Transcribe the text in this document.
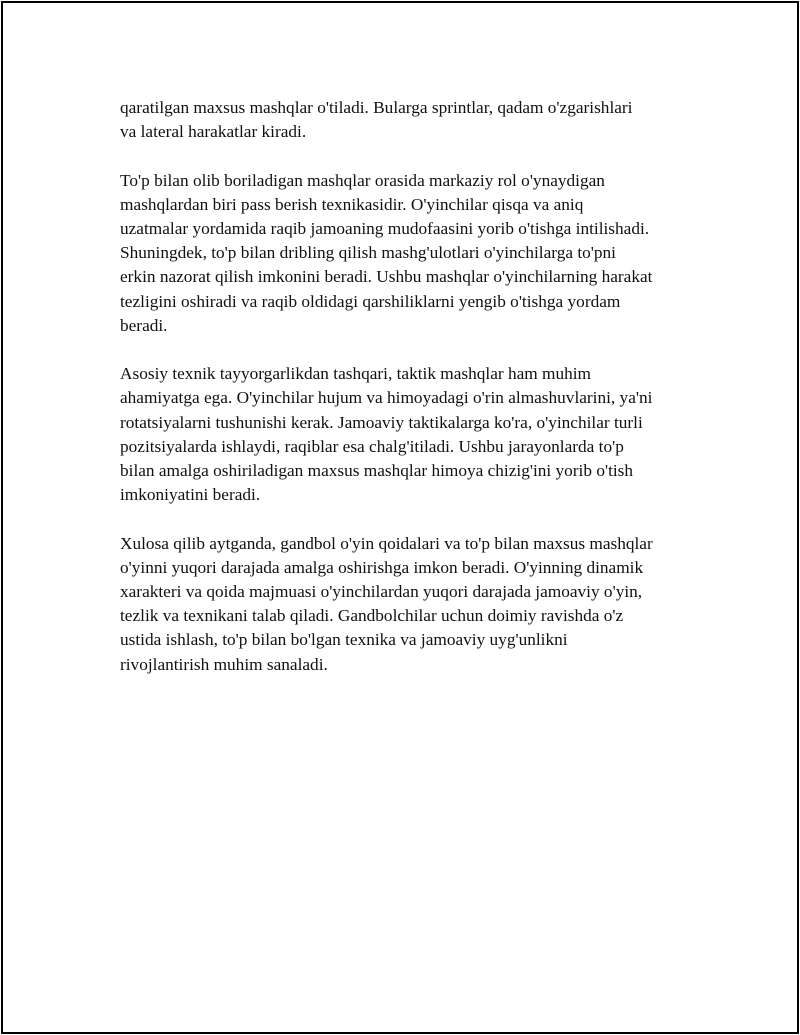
qaratilgan maxsus mashqlar o'tiladi. Bularga sprintlar, qadam o'zgarishlari
va lateral harakatlar kiradi.

To'p bilan olib boriladigan mashqlar orasida markaziy rol o'ynaydigan
mashqlardan biri pass berish texnikasidir. O'yinchilar qisqa va aniq
uzatmalar yordamida raqib jamoaning mudofaasini yorib o'tishga intilishadi.
Shuningdek, to'p bilan dribling qilish mashg'ulotlari o'yinchilarga to'pni
erkin nazorat qilish imkonini beradi. Ushbu mashqlar o'yinchilarning harakat
tezligini oshiradi va raqib oldidagi qarshiliklarni yengib o'tishga yordam
beradi.

Asosiy texnik tayyorgarlikdan tashqari, taktik mashqlar ham muhim
ahamiyatga ega. O'yinchilar hujum va himoyadagi o'rin almashuvlarini, ya'ni
rotatsiyalarni tushunishi kerak. Jamoaviy taktikalarga ko'ra, o'yinchilar turli
pozitsiyalarda ishlaydi, raqiblar esa chalg'itiladi. Ushbu jarayonlarda to'p
bilan amalga oshiriladigan maxsus mashqlar himoya chizig'ini yorib o'tish
imkoniyatini beradi.

Xulosa qilib aytganda, gandbol o'yin qoidalari va to'p bilan maxsus mashqlar
o'yinni yuqori darajada amalga oshirishga imkon beradi. O'yinning dinamik
xarakteri va qoida majmuasi o'yinchilardan yuqori darajada jamoaviy o'yin,
tezlik va texnikani talab qiladi. Gandbolchilar uchun doimiy ravishda o'z
ustida ishlash, to'p bilan bo'lgan texnika va jamoaviy uyg'unlikni
rivojlantirish muhim sanaladi.
